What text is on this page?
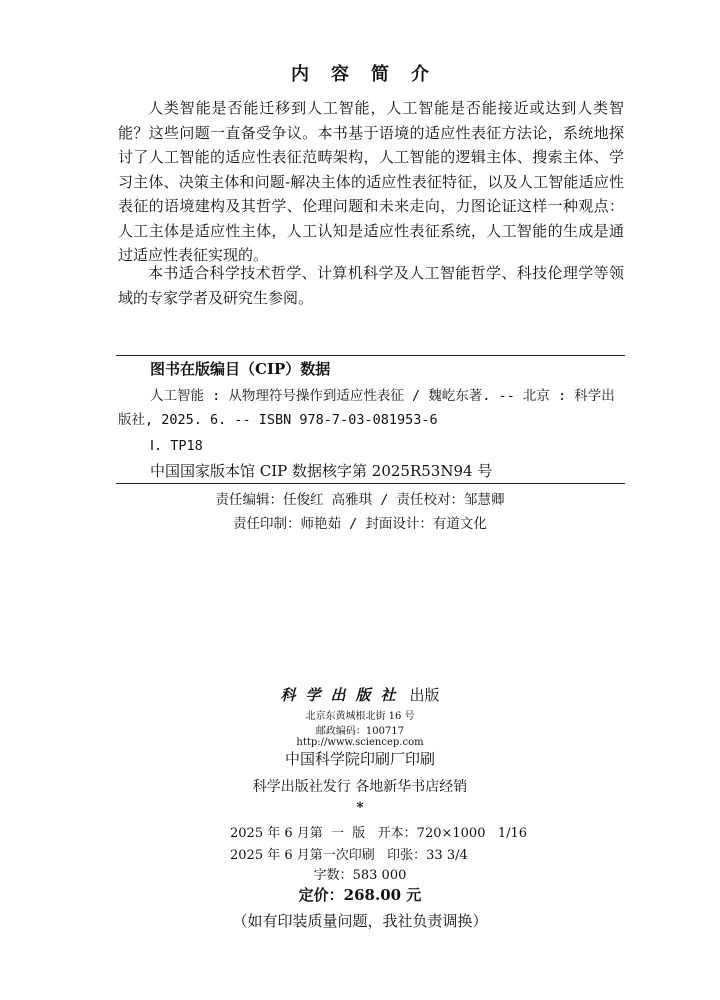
内容简介

人类智能是否能迁移到人工智能，人工智能是否能接近或达到人类智能？这些问题一直备受争议。本书基于语境的适应性表征方法论，系统地探讨了人工智能的适应性表征范畴架构，人工智能的逻辑主体、搜索主体、学习主体、决策主体和问题-解决主体的适应性表征特征，以及人工智能适应性表征的语境建构及其哲学、伦理问题和未来走向，力图论证这样一种观点：人工主体是适应性主体，人工认知是适应性表征系统，人工智能的生成是通过适应性表征实现的。

本书适合科学技术哲学、计算机科学及人工智能哲学、科技伦理学等领域的专家学者及研究生参阅。

图书在版编目（CIP）数据
人工智能 : 从物理符号操作到适应性表征 / 魏屹东著. -- 北京 : 科学出版社, 2025. 6. -- ISBN 978-7-03-081953-6
Ⅰ. TP18
中国国家版本馆 CIP 数据核字第 2025R53N94 号
责任编辑：任俊红 高雅琪 / 责任校对：邹慧卿
责任印制：师艳茹 / 封面设计：有道文化
科学出版社 出版
北京东黄城根北街 16 号
邮政编码：100717
http://www.sciencep.com
中国科学院印刷厂印刷
科学出版社发行 各地新华书店经销
*
2025 年 6 月第  一  版   开本：720×1000   1/16
2025 年 6 月第一次印刷   印张：33 3/4
字数：583 000
定价：268.00 元
（如有印装质量问题，我社负责调换）
